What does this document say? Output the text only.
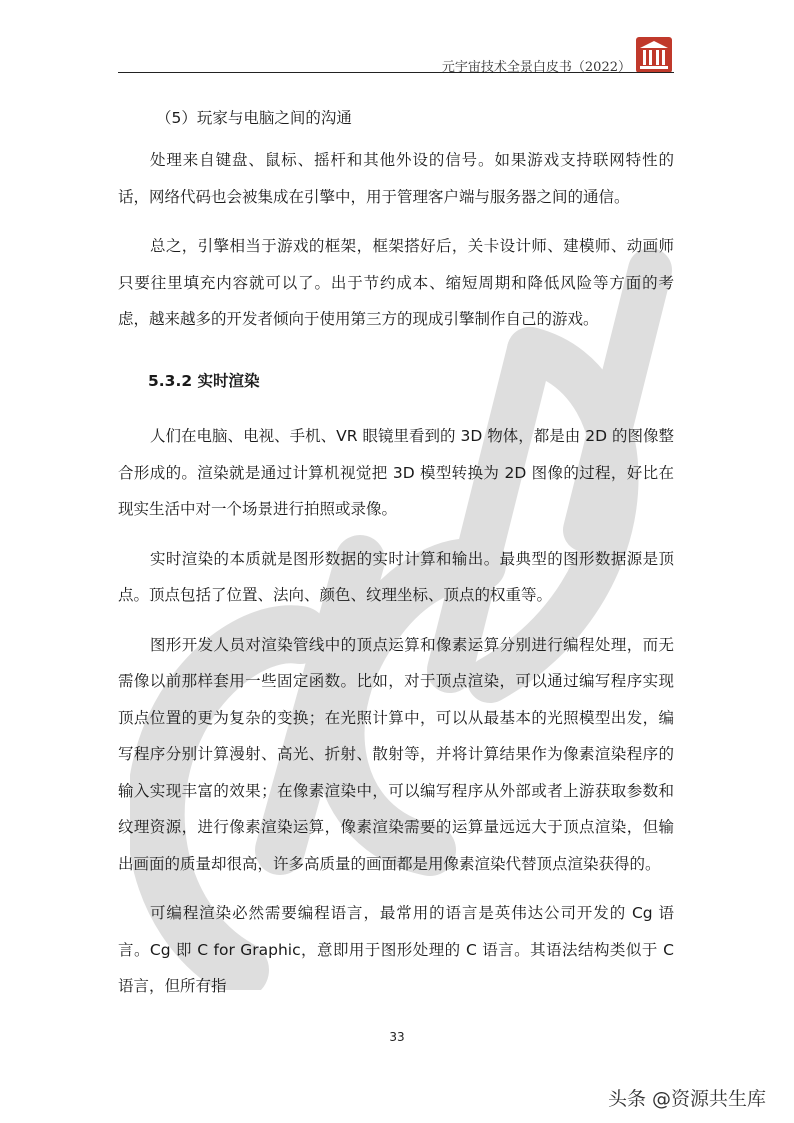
元宇宙技术全景白皮书（2022）

（5）玩家与电脑之间的沟通

处理来自键盘、鼠标、摇杆和其他外设的信号。如果游戏支持联网特性的话，网络代码也会被集成在引擎中，用于管理客户端与服务器之间的通信。

总之，引擎相当于游戏的框架，框架搭好后，关卡设计师、建模师、动画师只要往里填充内容就可以了。出于节约成本、缩短周期和降低风险等方面的考虑，越来越多的开发者倾向于使用第三方的现成引擎制作自己的游戏。

5.3.2 实时渲染

人们在电脑、电视、手机、VR 眼镜里看到的 3D 物体，都是由 2D 的图像整合形成的。渲染就是通过计算机视觉把 3D 模型转换为 2D 图像的过程，好比在现实生活中对一个场景进行拍照或录像。

实时渲染的本质就是图形数据的实时计算和输出。最典型的图形数据源是顶点。顶点包括了位置、法向、颜色、纹理坐标、顶点的权重等。

图形开发人员对渲染管线中的顶点运算和像素运算分别进行编程处理，而无需像以前那样套用一些固定函数。比如，对于顶点渲染，可以通过编写程序实现顶点位置的更为复杂的变换；在光照计算中，可以从最基本的光照模型出发，编写程序分别计算漫射、高光、折射、散射等，并将计算结果作为像素渲染程序的输入实现丰富的效果；在像素渲染中，可以编写程序从外部或者上游获取参数和纹理资源，进行像素渲染运算，像素渲染需要的运算量远远大于顶点渲染，但输出画面的质量却很高，许多高质量的画面都是用像素渲染代替顶点渲染获得的。

可编程渲染必然需要编程语言，最常用的语言是英伟达公司开发的 Cg 语言。Cg 即 C for Graphic，意即用于图形处理的 C 语言。其语法结构类似于 C 语言，但所有指

33
头条 @资源共生库
